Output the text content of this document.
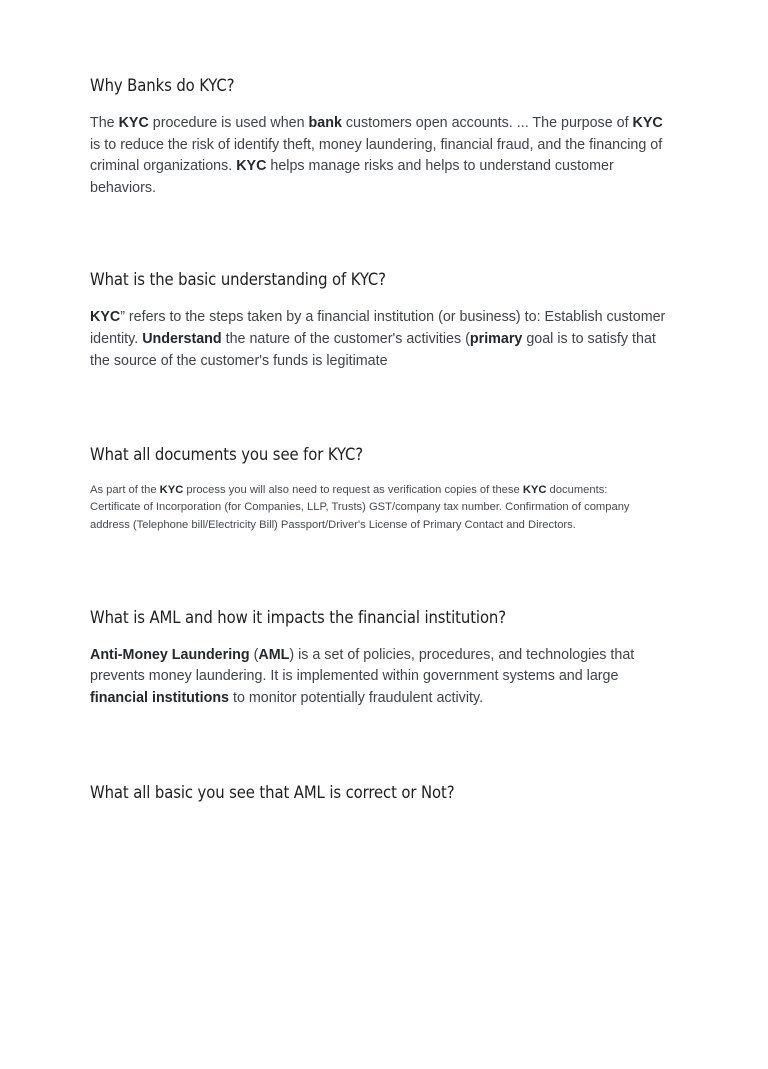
Why Banks do KYC?

The KYC procedure is used when bank customers open accounts. ... The purpose of KYC is to reduce the risk of identify theft, money laundering, financial fraud, and the financing of criminal organizations. KYC helps manage risks and helps to understand customer behaviors.

What is the basic understanding of KYC?

KYC” refers to the steps taken by a financial institution (or business) to: Establish customer identity. Understand the nature of the customer's activities (primary goal is to satisfy that the source of the customer's funds is legitimate

What all documents you see for KYC?

As part of the KYC process you will also need to request as verification copies of these KYC documents: Certificate of Incorporation (for Companies, LLP, Trusts) GST/company tax number. Confirmation of company address (Telephone bill/Electricity Bill) Passport/Driver's License of Primary Contact and Directors.

What is AML and how it impacts the financial institution?

Anti-Money Laundering (AML) is a set of policies, procedures, and technologies that prevents money laundering. It is implemented within government systems and large financial institutions to monitor potentially fraudulent activity.

What all basic you see that AML is correct or Not?
